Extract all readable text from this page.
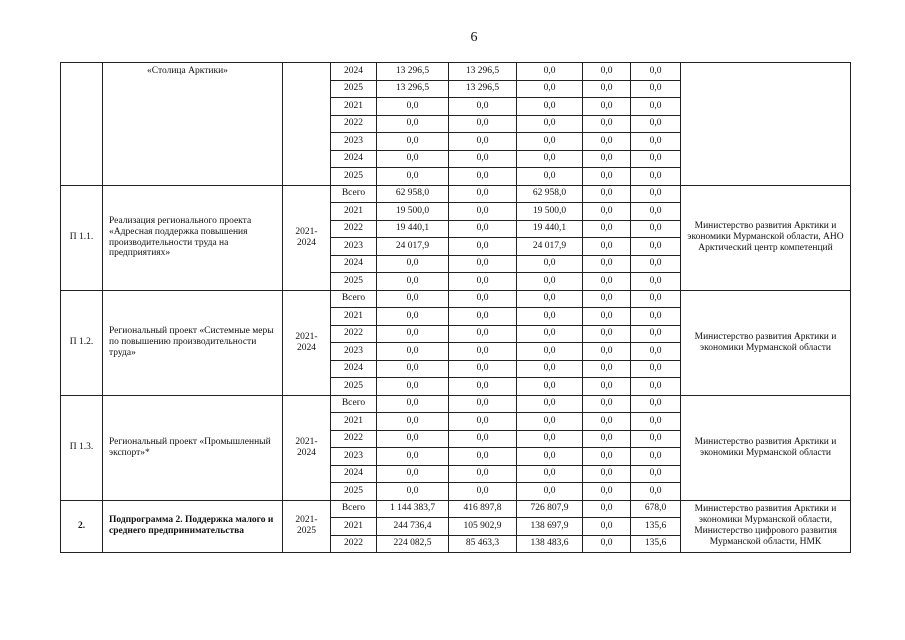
6
	«Столица Арктики»		2024	13 296,5	13 296,5	0,0	0,0	0,0	
			2025	13 296,5	13 296,5	0,0	0,0	0,0	
			2021	0,0	0,0	0,0	0,0	0,0	
			2022	0,0	0,0	0,0	0,0	0,0	
			2023	0,0	0,0	0,0	0,0	0,0	
			2024	0,0	0,0	0,0	0,0	0,0	
			2025	0,0	0,0	0,0	0,0	0,0	
П 1.1.	Реализация регионального проекта «Адресная поддержка повышения производительности труда на предприятиях»	2021-2024	Всего	62 958,0	0,0	62 958,0	0,0	0,0	Министерство развития Арктики и экономики Мурманской области, АНО Арктический центр компетенций
			2021	19 500,0	0,0	19 500,0	0,0	0,0	
			2022	19 440,1	0,0	19 440,1	0,0	0,0	
			2023	24 017,9	0,0	24 017,9	0,0	0,0	
			2024	0,0	0,0	0,0	0,0	0,0	
			2025	0,0	0,0	0,0	0,0	0,0	
П 1.2.	Региональный проект «Системные меры по повышению производительности труда»	2021-2024	Всего	0,0	0,0	0,0	0,0	0,0	Министерство развития Арктики и экономики Мурманской области
			2021	0,0	0,0	0,0	0,0	0,0	
			2022	0,0	0,0	0,0	0,0	0,0	
			2023	0,0	0,0	0,0	0,0	0,0	
			2024	0,0	0,0	0,0	0,0	0,0	
			2025	0,0	0,0	0,0	0,0	0,0	
П 1.3.	Региональный проект «Промышленный экспорт»*	2021-2024	Всего	0,0	0,0	0,0	0,0	0,0	Министерство развития Арктики и экономики Мурманской области
			2021	0,0	0,0	0,0	0,0	0,0	
			2022	0,0	0,0	0,0	0,0	0,0	
			2023	0,0	0,0	0,0	0,0	0,0	
			2024	0,0	0,0	0,0	0,0	0,0	
			2025	0,0	0,0	0,0	0,0	0,0	
2.	Подпрограмма 2. Поддержка малого и среднего предпринимательства	2021-2025	Всего	1 144 383,7	416 897,8	726 807,9	0,0	678,0	Министерство развития Арктики и экономики Мурманской области, Министерство цифрового развития Мурманской области, НМК
			2021	244 736,4	105 902,9	138 697,9	0,0	135,6	
			2022	224 082,5	85 463,3	138 483,6	0,0	135,6	
